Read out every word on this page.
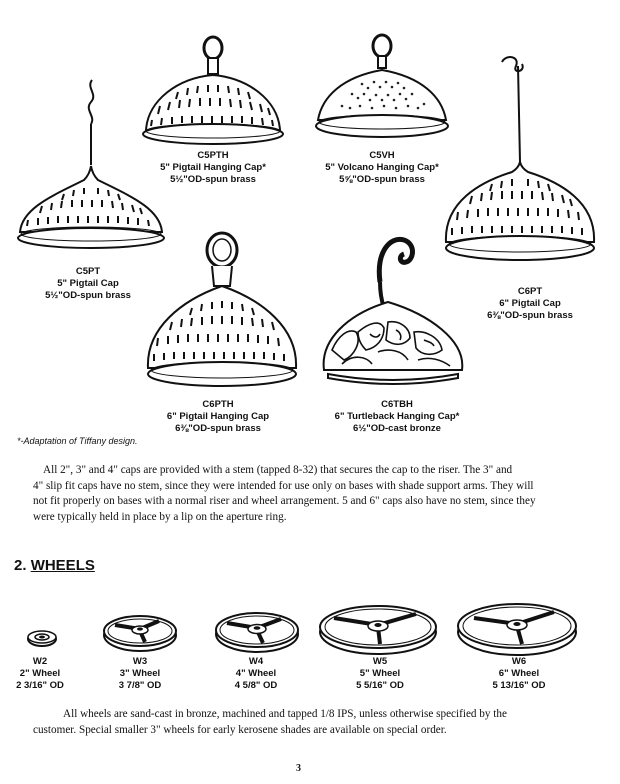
C5PTH
5" Pigtail Hanging Cap*
5½"OD-spun brass
C5VH
5" Volcano Hanging Cap*
5⅝"OD-spun brass
C5PT
5" Pigtail Cap
5½"OD-spun brass	C6PT
6" Pigtail Cap
6⅜"OD-spun brass
C6PTH
6" Pigtail Hanging Cap
6⅜"OD-spun brass
C6TBH
6" Turtleback Hanging Cap*
6½"OD-cast bronze
*-Adaptation of Tiffany design.
All 2", 3" and 4" caps are provided with a stem (tapped 8-32) that secures the cap to the riser. The 3" and
4" slip fit caps have no stem, since they were intended for use only on bases with shade support arms. They will
not fit properly on bases with a normal riser and wheel arrangement. 5 and 6" caps also have no stem, since they
were typically held in place by a lip on the aperture ring.
2. WHEELS
W2
2" Wheel
2 3/16" OD
W3
3" Wheel
3 7/8" OD
W4
4" Wheel
4 5/8" OD
W5
5" Wheel
5 5/16" OD
W6
6" Wheel
5 13/16" OD
All wheels are sand-cast in bronze, machined and tapped 1/8 IPS, unless otherwise specified by the
customer. Special smaller 3" wheels for early kerosene shades are available on special order.
3
